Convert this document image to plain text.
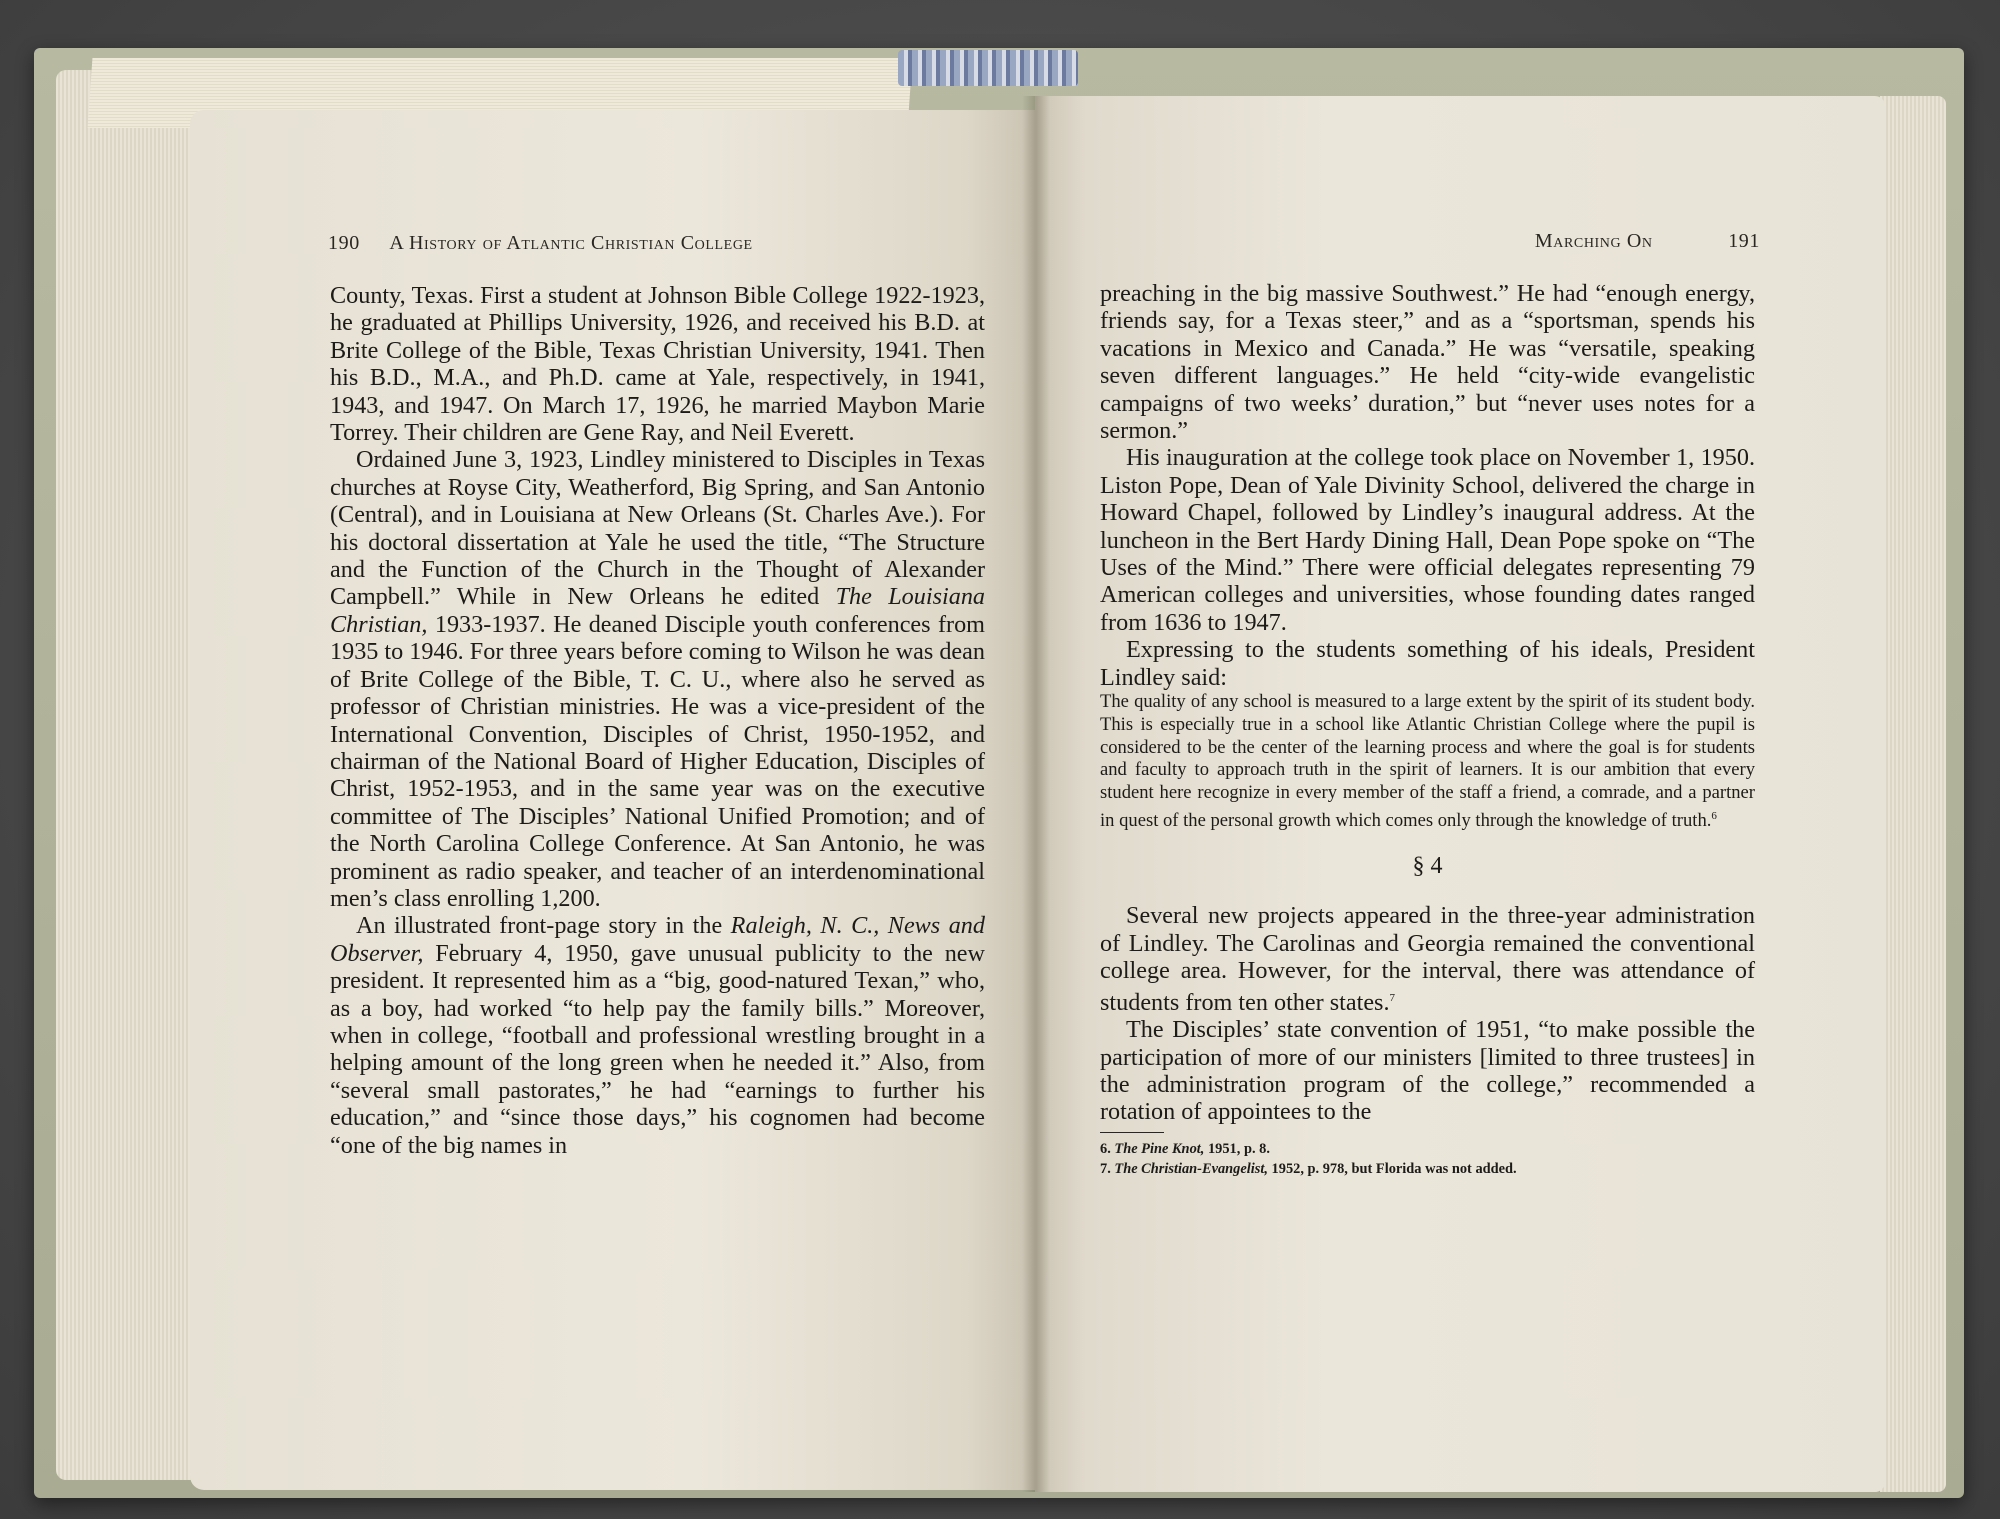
190 A History of Atlantic Christian College

County, Texas. First a student at Johnson Bible College 1922-1923, he graduated at Phillips University, 1926, and received his B.D. at Brite College of the Bible, Texas Christian University, 1941. Then his B.D., M.A., and Ph.D. came at Yale, respectively, in 1941, 1943, and 1947. On March 17, 1926, he married Maybon Marie Torrey. Their children are Gene Ray, and Neil Everett.

Ordained June 3, 1923, Lindley ministered to Disciples in Texas churches at Royse City, Weatherford, Big Spring, and San Antonio (Central), and in Louisiana at New Orleans (St. Charles Ave.). For his doctoral dissertation at Yale he used the title, “The Structure and the Function of the Church in the Thought of Alexander Campbell.” While in New Orleans he edited The Louisiana Christian, 1933-1937. He deaned Disciple youth conferences from 1935 to 1946. For three years before coming to Wilson he was dean of Brite College of the Bible, T. C. U., where also he served as professor of Christian ministries. He was a vice-president of the International Convention, Disciples of Christ, 1950-1952, and chairman of the National Board of Higher Education, Disciples of Christ, 1952-1953, and in the same year was on the executive committee of The Disciples’ National Unified Promotion; and of the North Carolina College Conference. At San Antonio, he was prominent as radio speaker, and teacher of an interdenominational men’s class enrolling 1,200.

An illustrated front-page story in the Raleigh, N. C., News and Observer, February 4, 1950, gave unusual publicity to the new president. It represented him as a “big, good-natured Texan,” who, as a boy, had worked “to help pay the family bills.” Moreover, when in college, “football and professional wrestling brought in a helping amount of the long green when he needed it.” Also, from “several small pastorates,” he had “earnings to further his education,” and “since those days,” his cognomen had become “one of the big names in

Marching On	191

preaching in the big massive Southwest.” He had “enough energy, friends say, for a Texas steer,” and as a “sportsman, spends his vacations in Mexico and Canada.” He was “versatile, speaking seven different languages.” He held “city-wide evangelistic campaigns of two weeks’ duration,” but “never uses notes for a sermon.”

His inauguration at the college took place on November 1, 1950. Liston Pope, Dean of Yale Divinity School, delivered the charge in Howard Chapel, followed by Lindley’s inaugural address. At the luncheon in the Bert Hardy Dining Hall, Dean Pope spoke on “The Uses of the Mind.” There were official delegates representing 79 American colleges and universities, whose founding dates ranged from 1636 to 1947.

Expressing to the students something of his ideals, President Lindley said:

The quality of any school is measured to a large extent by the spirit of its student body. This is especially true in a school like Atlantic Christian College where the pupil is considered to be the center of the learning process and where the goal is for students and faculty to approach truth in the spirit of learners. It is our ambition that every student here recognize in every member of the staff a friend, a comrade, and a partner in quest of the personal growth which comes only through the knowledge of truth.$^6$

§ 4

Several new projects appeared in the three-year administration of Lindley. The Carolinas and Georgia remained the conventional college area. However, for the interval, there was attendance of students from ten other states.$^7$

The Disciples’ state convention of 1951, “to make possible the participation of more of our ministers [limited to three trustees] in the administration program of the college,” recommended a rotation of appointees to the

6. The Pine Knot, 1951, p. 8.
7. The Christian-Evangelist, 1952, p. 978, but Florida was not added.
